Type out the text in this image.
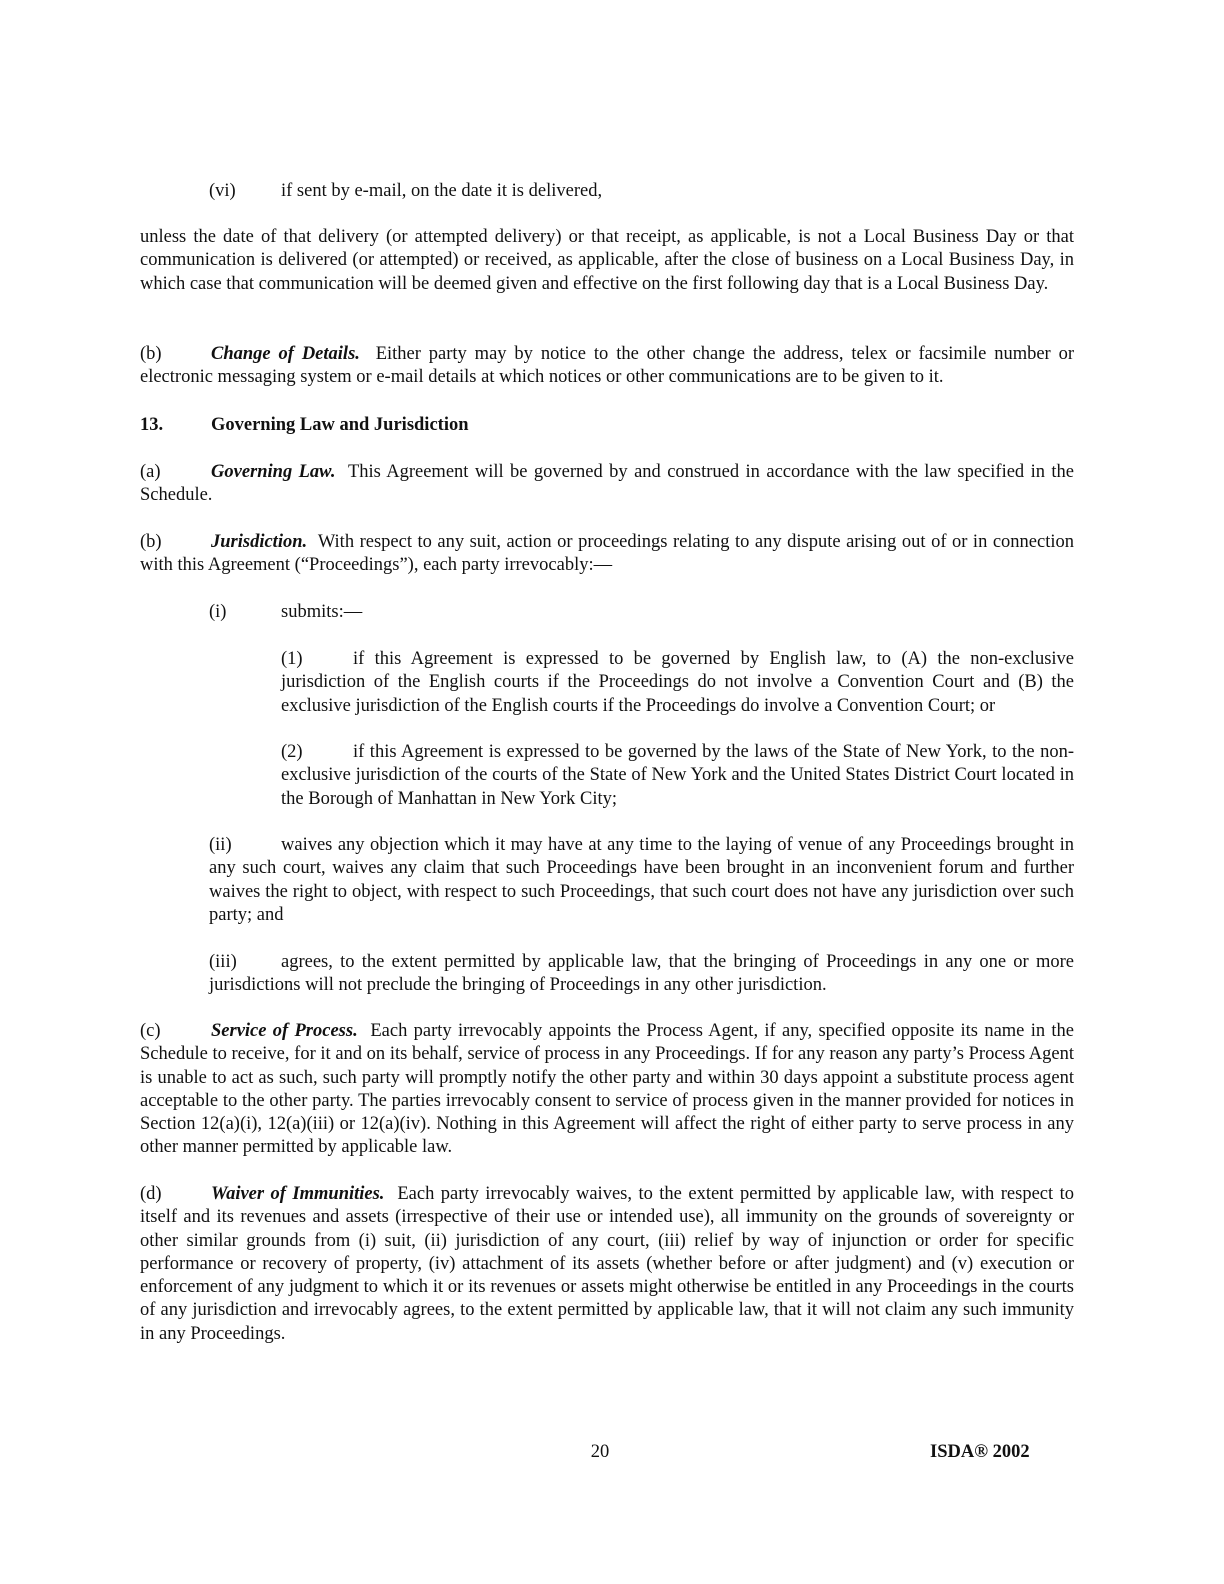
(vi) if sent by e-mail, on the date it is delivered,
unless the date of that delivery (or attempted delivery) or that receipt, as applicable, is not a Local Business Day or that communication is delivered (or attempted) or received, as applicable, after the close of business on a Local Business Day, in which case that communication will be deemed given and effective on the first following day that is a Local Business Day.
(b)	Change of Details. Either party may by notice to the other change the address, telex or facsimile number or electronic messaging system or e-mail details at which notices or other communications are to be given to it.
13.	Governing Law and Jurisdiction
(a)	Governing Law. This Agreement will be governed by and construed in accordance with the law specified in the Schedule.
(b)	Jurisdiction. With respect to any suit, action or proceedings relating to any dispute arising out of or in connection with this Agreement (“Proceedings”), each party irrevocably:—
(i)	submits:—
(1)	if this Agreement is expressed to be governed by English law, to (A) the non-exclusive jurisdiction of the English courts if the Proceedings do not involve a Convention Court and (B) the exclusive jurisdiction of the English courts if the Proceedings do involve a Convention Court; or
(2)	if this Agreement is expressed to be governed by the laws of the State of New York, to the non-exclusive jurisdiction of the courts of the State of New York and the United States District Court located in the Borough of Manhattan in New York City;
(ii)	waives any objection which it may have at any time to the laying of venue of any Proceedings brought in any such court, waives any claim that such Proceedings have been brought in an inconvenient forum and further waives the right to object, with respect to such Proceedings, that such court does not have any jurisdiction over such party; and
(iii) agrees, to the extent permitted by applicable law, that the bringing of Proceedings in any one or more jurisdictions will not preclude the bringing of Proceedings in any other jurisdiction.
(c)	Service of Process. Each party irrevocably appoints the Process Agent, if any, specified opposite its name in the Schedule to receive, for it and on its behalf, service of process in any Proceedings. If for any reason any party’s Process Agent is unable to act as such, such party will promptly notify the other party and within 30 days appoint a substitute process agent acceptable to the other party. The parties irrevocably consent to service of process given in the manner provided for notices in Section 12(a)(i), 12(a)(iii) or 12(a)(iv). Nothing in this Agreement will affect the right of either party to serve process in any other manner permitted by applicable law.
(d)	Waiver of Immunities. Each party irrevocably waives, to the extent permitted by applicable law, with respect to itself and its revenues and assets (irrespective of their use or intended use), all immunity on the grounds of sovereignty or other similar grounds from (i) suit, (ii) jurisdiction of any court, (iii) relief by way of injunction or order for specific performance or recovery of property, (iv) attachment of its assets (whether before or after judgment) and (v) execution or enforcement of any judgment to which it or its revenues or assets might otherwise be entitled in any Proceedings in the courts of any jurisdiction and irrevocably agrees, to the extent permitted by applicable law, that it will not claim any such immunity in any Proceedings.
20	ISDA® 2002
